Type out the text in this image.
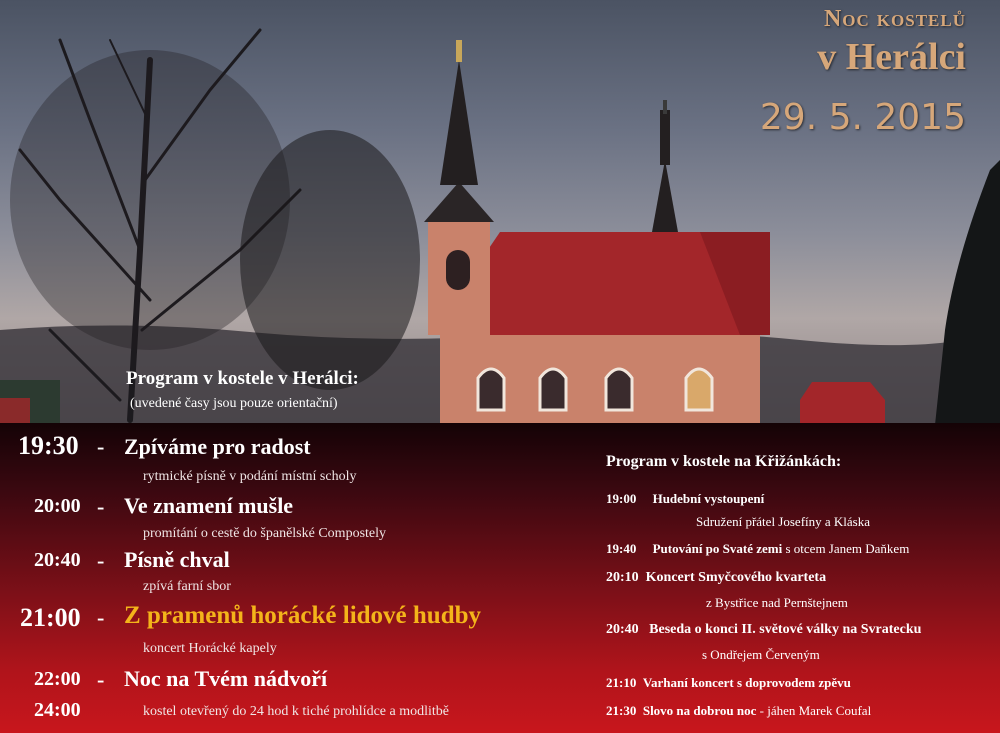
Noc kostelů
v Herálci
29. 5. 2015
Program v kostele v Herálci:
(uvedené časy jsou pouze orientační)
19:30 - Zpíváme pro radost
rytmické písně v podání místní scholy
20:00 - Ve znamení mušle
promítání o cestě do španělské Compostely
20:40 - Písně chval
zpívá farní sbor
21:00 - Z pramenů horácké lidové hudby
koncert Horácké kapely
22:00 - Noc na Tvém nádvoří
24:00	kostel otevřený do 24 hod k tiché prohlídce a modlitbě
Program v kostele na Křižánkách:
19:00 Hudební vystoupení
Sdružení přátel Josefíny a Kláska
19:40 Putování po Svaté zemi s otcem Janem Daňkem
20:10 Koncert Smyčcového kvarteta
z Bystřice nad Pernštejnem
20:40 Beseda o konci II. světové války na Svratecku
s Ondřejem Červeným
21:10 Varhaní koncert s doprovodem zpěvu
21:30 Slovo na dobrou noc - jáhen Marek Coufal
